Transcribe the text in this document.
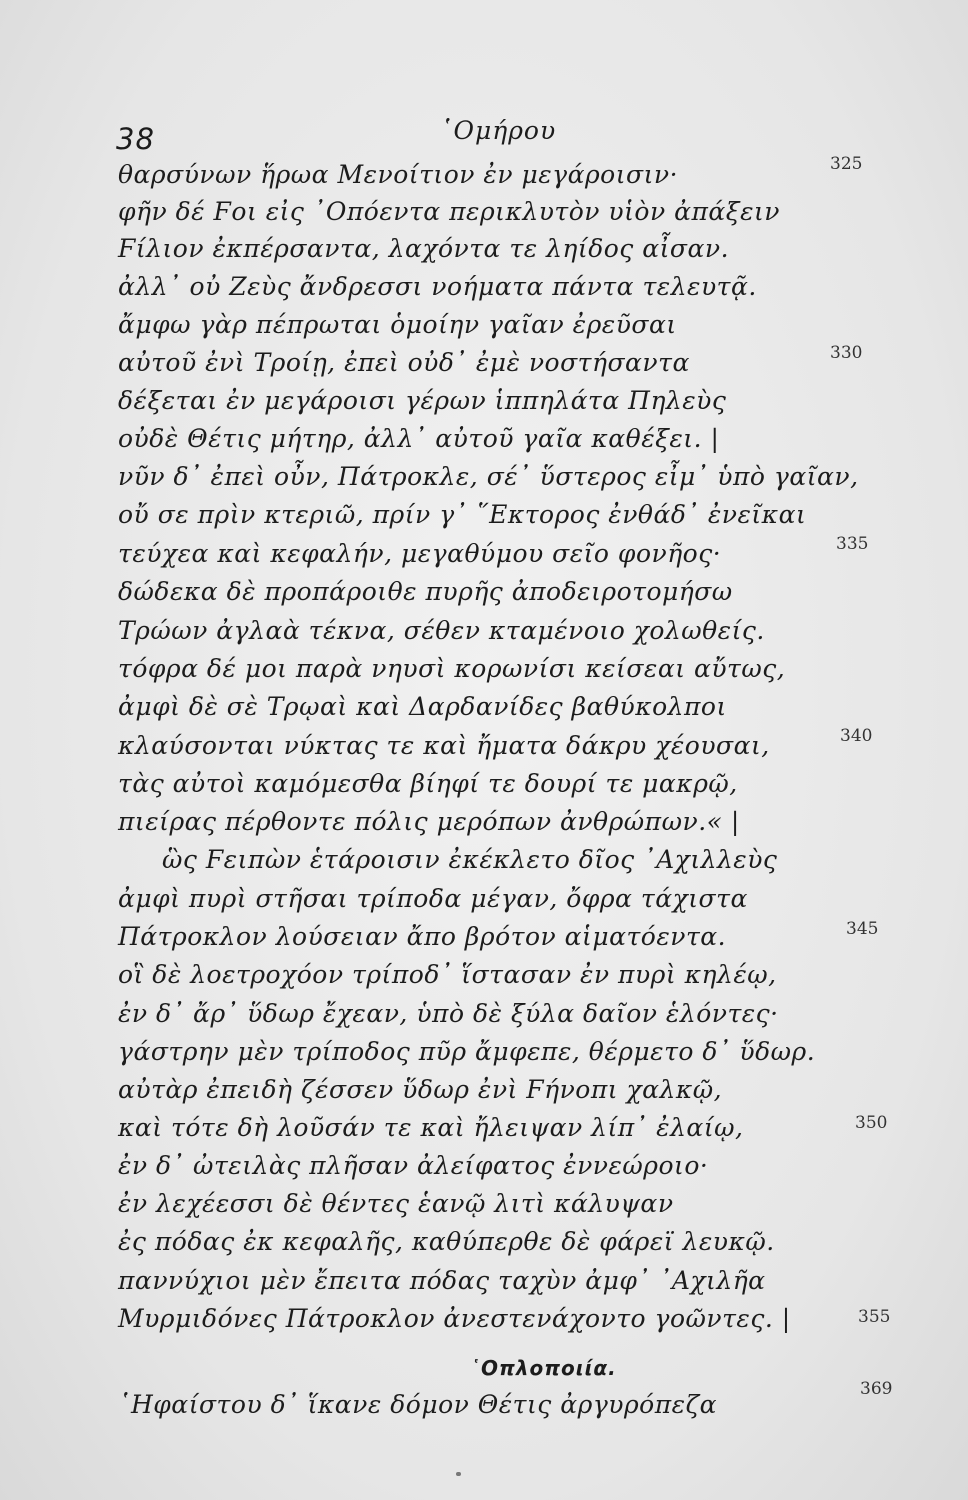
38	῾Ομήρου
θαρσύνων ἥρωα Μενοίτιον ἐν μεγάροισιν·
φῆν δέ Ϝοι εἰς ᾿Οπόεντα περικλυτὸν υἱὸν ἀπάξειν
Ϝίλιον ἐκπέρσαντα, λαχόντα τε ληίδος αἶσαν.
ἀλλ᾿ οὐ Ζεὺς ἄνδρεσσι νοήματα πάντα τελευτᾷ.
ἄμφω γὰρ πέπρωται ὁμοίην γαῖαν ἐρεῦσαι
αὐτοῦ ἐνὶ Τροίῃ, ἐπεὶ οὐδ᾿ ἐμὲ νοστήσαντα
δέξεται ἐν μεγάροισι γέρων ἱππηλάτα Πηλεὺς
οὐδὲ Θέτις μήτηρ, ἀλλ᾿ αὐτοῦ γαῖα καθέξει. |
νῦν δ᾿ ἐπεὶ οὖν, Πάτροκλε, σέ᾿ ὕστερος εἶμ᾿ ὑπὸ γαῖαν,
οὔ σε πρὶν κτεριῶ, πρίν γ᾿ ῞Εκτορος ἐνθάδ᾿ ἐνεῖκαι
τεύχεα καὶ κεφαλήν, μεγαθύμου σεῖο φονῆος·
δώδεκα δὲ προπάροιθε πυρῆς ἀποδειροτομήσω
Τρώων ἀγλαὰ τέκνα, σέθεν κταμένοιο χολωθείς.
τόφρα δέ μοι παρὰ νηυσὶ κορωνίσι κείσεαι αὔτως,
ἀμφὶ δὲ σὲ Τρῳαὶ καὶ Δαρδανίδες βαθύκολποι
κλαύσονται νύκτας τε καὶ ἤματα δάκρυ χέουσαι,
τὰς αὐτοὶ καμόμεσθα βίηφί τε δουρί τε μακρῷ,
πιείρας πέρθοντε πόλις μερόπων ἀνθρώπων.« |
ὣς Ϝειπὼν ἑτάροισιν ἐκέκλετο δῖος ᾿Αχιλλεὺς
ἀμφὶ πυρὶ στῆσαι τρίποδα μέγαν, ὄφρα τάχιστα
Πάτροκλον λούσειαν ἄπο βρότον αἱματόεντα.
οἳ δὲ λοετροχόον τρίποδ᾿ ἵστασαν ἐν πυρὶ κηλέῳ,
ἐν δ᾿ ἄρ᾿ ὕδωρ ἔχεαν, ὑπὸ δὲ ξύλα δαῖον ἑλόντες·
γάστρην μὲν τρίποδος πῦρ ἄμφεπε, θέρμετο δ᾿ ὕδωρ.
αὐτὰρ ἐπειδὴ ζέσσεν ὕδωρ ἐνὶ Ϝήνοπι χαλκῷ,
καὶ τότε δὴ λοῦσάν τε καὶ ἤλειψαν λίπ᾿ ἐλαίῳ,
ἐν δ᾿ ὠτειλὰς πλῆσαν ἀλείφατος ἐννεώροιο·
ἐν λεχέεσσι δὲ θέντες ἑανῷ λιτὶ κάλυψαν
ἐς πόδας ἐκ κεφαλῆς, καθύπερθε δὲ φάρεϊ λευκῷ.
παννύχιοι μὲν ἔπειτα πόδας ταχὺν ἀμφ᾿ ᾿Αχιλῆα
Μυρμιδόνες Πάτροκλον ἀνεστενάχοντο γοῶντες. |
῾Οπλοποιία.
῾Ηφαίστου δ᾿ ἵκανε δόμον Θέτις ἀργυρόπεζα
325
330
335
340
345
350
355
369
